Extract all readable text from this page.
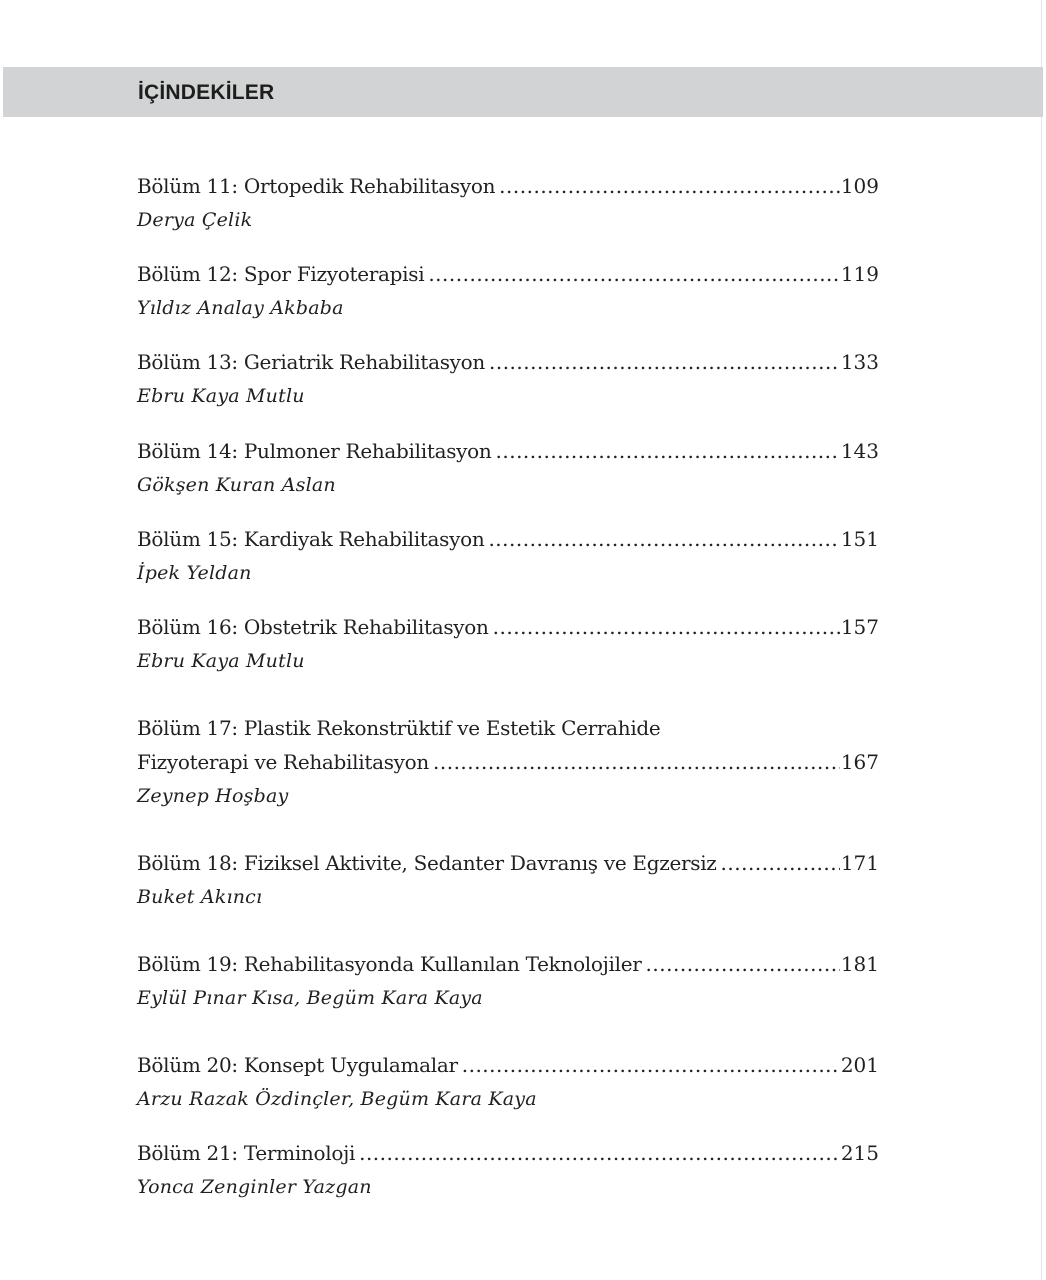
İÇİNDEKİLER
Bölüm 11: Ortopedik Rehabilitasyon .....	109
Derya Çelik
Bölüm 12: Spor Fizyoterapisi .....	119
Yıldız Analay Akbaba
Bölüm 13: Geriatrik Rehabilitasyon .....	133
Ebru Kaya Mutlu
Bölüm 14: Pulmoner Rehabilitasyon .....	143
Gökşen Kuran Aslan
Bölüm 15: Kardiyak Rehabilitasyon .....	151
İpek Yeldan
Bölüm 16: Obstetrik Rehabilitasyon .....	157
Ebru Kaya Mutlu
Bölüm 17: Plastik Rekonstrüktif ve Estetik Cerrahide
Fizyoterapi ve Rehabilitasyon .....	167
Zeynep Hoşbay
Bölüm 18: Fiziksel Aktivite, Sedanter Davranış ve Egzersiz .....	171
Buket Akıncı
Bölüm 19: Rehabilitasyonda Kullanılan Teknolojiler .....	181
Eylül Pınar Kısa, Begüm Kara Kaya
Bölüm 20: Konsept Uygulamalar .....	201
Arzu Razak Özdinçler, Begüm Kara Kaya
Bölüm 21: Terminoloji .....	215
Yonca Zenginler Yazgan
